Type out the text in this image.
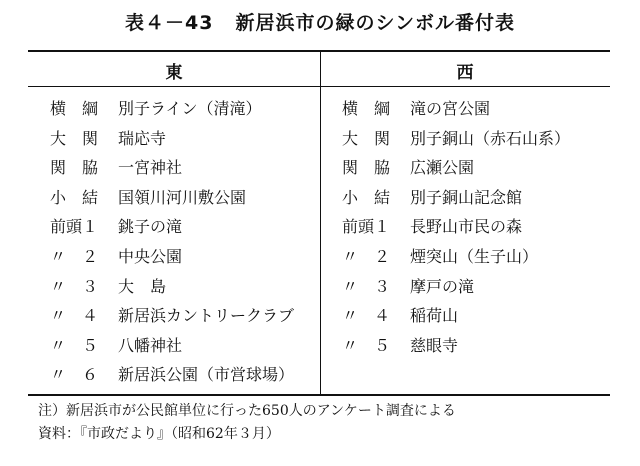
表４－43 新居浜市の緑のシンボル番付表
東	西
横　綱 別子ライン（清滝）
大　関 瑞応寺
関　脇 一宮神社
小　結 国領川河川敷公園
前頭１ 銚子の滝
〃　２ 中央公園
〃　３ 大　島
〃　４ 新居浜カントリークラブ
〃　５ 八幡神社
〃　６ 新居浜公園（市営球場）
横　綱 滝の宮公園
大　関 別子銅山（赤石山系）
関　脇 広瀬公園
小　結 別子銅山記念館
前頭１ 長野山市民の森
〃　２ 煙突山（生子山）
〃　３ 摩戸の滝
〃　４ 稲荷山
〃　５ 慈眼寺
注）新居浜市が公民館単位に行った650人のアンケート調査による
資料：『市政だより』（昭和62年３月）
